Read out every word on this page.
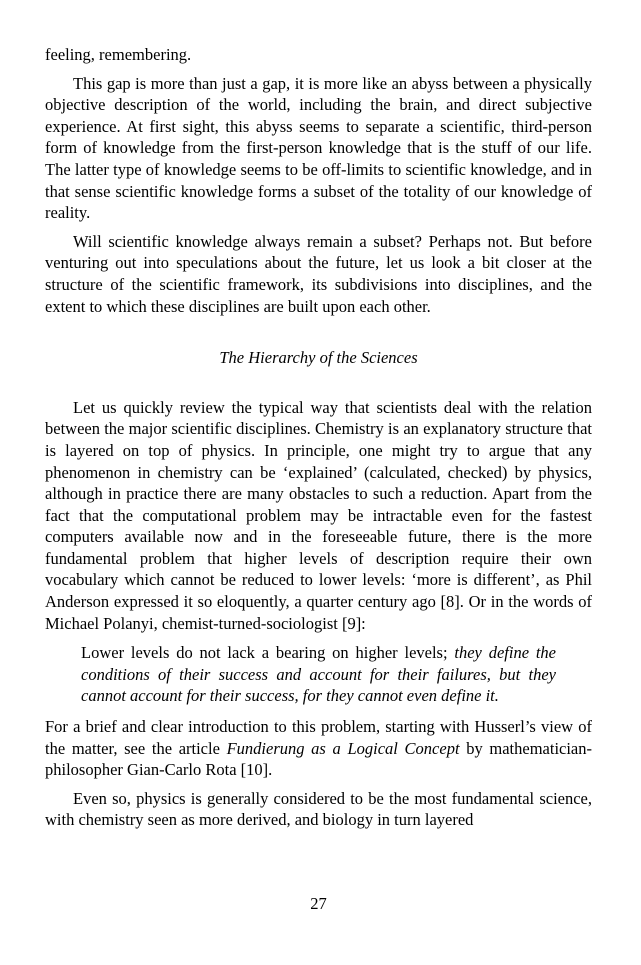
feeling, remembering.

This gap is more than just a gap, it is more like an abyss between a physically objective description of the world, including the brain, and direct subjective experience. At first sight, this abyss seems to separate a scientific, third-person form of knowledge from the first-person knowledge that is the stuff of our life. The latter type of knowledge seems to be off-limits to scientific knowledge, and in that sense scientific knowledge forms a subset of the totality of our knowledge of reality.

Will scientific knowledge always remain a subset? Perhaps not. But before venturing out into speculations about the future, let us look a bit closer at the structure of the scientific framework, its subdivisions into disciplines, and the extent to which these disciplines are built upon each other.

The Hierarchy of the Sciences

Let us quickly review the typical way that scientists deal with the relation between the major scientific disciplines. Chemistry is an explanatory structure that is layered on top of physics. In principle, one might try to argue that any phenomenon in chemistry can be ‘explained’ (calculated, checked) by physics, although in practice there are many obstacles to such a reduction. Apart from the fact that the computational problem may be intractable even for the fastest computers available now and in the foreseeable future, there is the more fundamental problem that higher levels of description require their own vocabulary which cannot be reduced to lower levels: ‘more is different’, as Phil Anderson expressed it so eloquently, a quarter century ago [8]. Or in the words of Michael Polanyi, chemist-turned-sociologist [9]:

Lower levels do not lack a bearing on higher levels; they define the conditions of their success and account for their failures, but they cannot account for their success, for they cannot even define it.

For a brief and clear introduction to this problem, starting with Husserl’s view of the matter, see the article Fundierung as a Logical Concept by mathematician-philosopher Gian-Carlo Rota [10].

Even so, physics is generally considered to be the most fundamental science, with chemistry seen as more derived, and biology in turn layered

27
